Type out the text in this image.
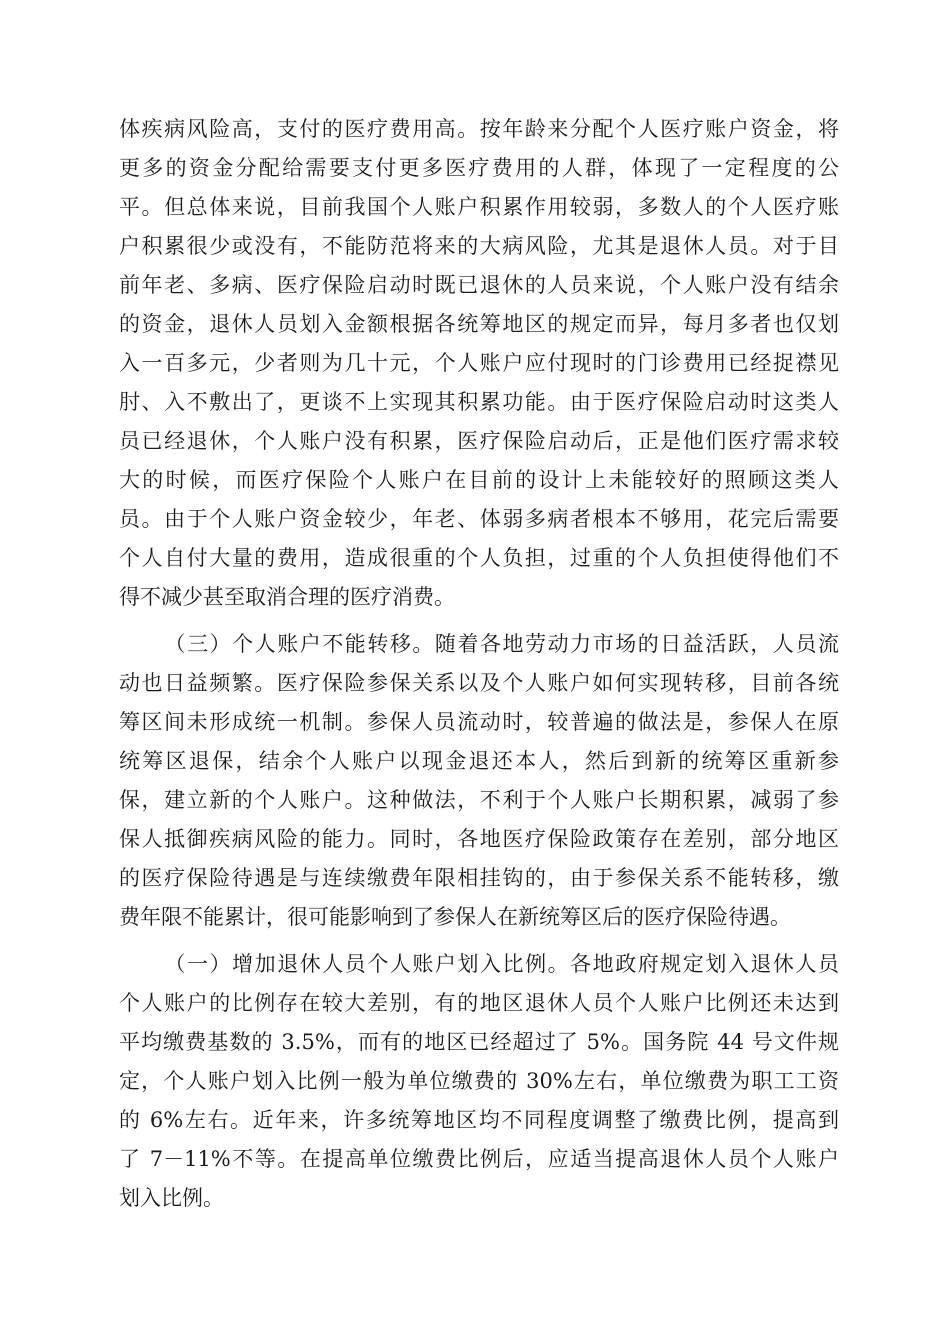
体疾病风险高，支付的医疗费用高。按年龄来分配个人医疗账户资金，将
更多的资金分配给需要支付更多医疗费用的人群，体现了一定程度的公
平。但总体来说，目前我国个人账户积累作用较弱，多数人的个人医疗账
户积累很少或没有，不能防范将来的大病风险，尤其是退休人员。对于目
前年老、多病、医疗保险启动时既已退休的人员来说，个人账户没有结余
的资金，退休人员划入金额根据各统筹地区的规定而异，每月多者也仅划
入一百多元，少者则为几十元，个人账户应付现时的门诊费用已经捉襟见
肘、入不敷出了，更谈不上实现其积累功能。由于医疗保险启动时这类人
员已经退休，个人账户没有积累，医疗保险启动后，正是他们医疗需求较
大的时候，而医疗保险个人账户在目前的设计上未能较好的照顾这类人
员。由于个人账户资金较少，年老、体弱多病者根本不够用，花完后需要
个人自付大量的费用，造成很重的个人负担，过重的个人负担使得他们不
得不减少甚至取消合理的医疗消费。
（三）个人账户不能转移。随着各地劳动力市场的日益活跃，人员流
动也日益频繁。医疗保险参保关系以及个人账户如何实现转移，目前各统
筹区间未形成统一机制。参保人员流动时，较普遍的做法是，参保人在原
统筹区退保，结余个人账户以现金退还本人，然后到新的统筹区重新参
保，建立新的个人账户。这种做法，不利于个人账户长期积累，减弱了参
保人抵御疾病风险的能力。同时，各地医疗保险政策存在差别，部分地区
的医疗保险待遇是与连续缴费年限相挂钩的，由于参保关系不能转移，缴
费年限不能累计，很可能影响到了参保人在新统筹区后的医疗保险待遇。
（一）增加退休人员个人账户划入比例。各地政府规定划入退休人员
个人账户的比例存在较大差别，有的地区退休人员个人账户比例还未达到
平均缴费基数的 3.5%，而有的地区已经超过了 5%。国务院 44 号文件规
定，个人账户划入比例一般为单位缴费的 30%左右，单位缴费为职工工资
的 6%左右。近年来，许多统筹地区均不同程度调整了缴费比例，提高到
了 7－11%不等。在提高单位缴费比例后，应适当提高退休人员个人账户
划入比例。
